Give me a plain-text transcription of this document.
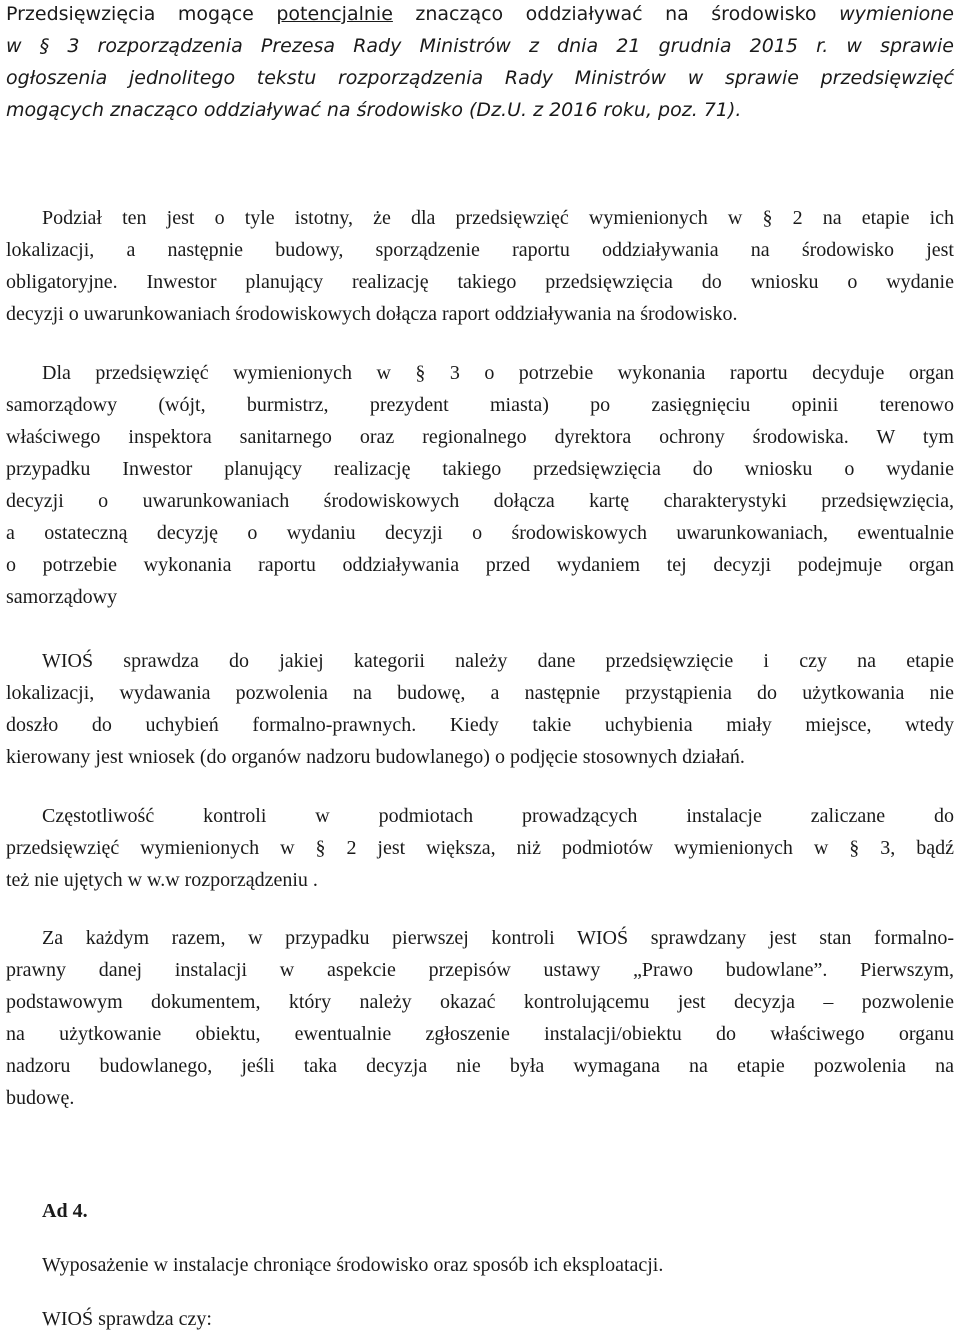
Przedsięwzięcia mogące potencjalnie znacząco oddziaływać na środowisko wymienione
w § 3 rozporządzenia Prezesa Rady Ministrów z dnia 21 grudnia 2015 r. w sprawie
ogłoszenia jednolitego tekstu rozporządzenia Rady Ministrów w sprawie przedsięwzięć
mogących znacząco oddziaływać na środowisko (Dz.U. z 2016 roku, poz. 71).
Podział ten jest o tyle istotny, że dla przedsięwzięć wymienionych w § 2 na etapie ich
lokalizacji, a następnie budowy, sporządzenie raportu oddziaływania na środowisko jest
obligatoryjne. Inwestor planujący realizację takiego przedsięwzięcia do wniosku o wydanie
decyzji o uwarunkowaniach środowiskowych dołącza raport oddziaływania na środowisko.
Dla przedsięwzięć wymienionych w § 3 o potrzebie wykonania raportu decyduje organ
samorządowy (wójt, burmistrz, prezydent miasta) po zasięgnięciu opinii terenowo
właściwego inspektora sanitarnego oraz regionalnego dyrektora ochrony środowiska. W tym
przypadku Inwestor planujący realizację takiego przedsięwzięcia do wniosku o wydanie
decyzji o uwarunkowaniach środowiskowych dołącza kartę charakterystyki przedsięwzięcia,
a ostateczną decyzję o wydaniu decyzji o środowiskowych uwarunkowaniach, ewentualnie
o potrzebie wykonania raportu oddziaływania przed wydaniem tej decyzji podejmuje organ
samorządowy
WIOŚ sprawdza do jakiej kategorii należy dane przedsięwzięcie i czy na etapie
lokalizacji, wydawania pozwolenia na budowę, a następnie przystąpienia do użytkowania nie
doszło do uchybień formalno-prawnych. Kiedy takie uchybienia miały miejsce, wtedy
kierowany jest wniosek (do organów nadzoru budowlanego) o podjęcie stosownych działań.
Częstotliwość kontroli w podmiotach prowadzących instalacje zaliczane do
przedsięwzięć wymienionych w § 2 jest większa, niż podmiotów wymienionych w § 3, bądź
też nie ujętych w w.w rozporządzeniu .
Za każdym razem, w przypadku pierwszej kontroli WIOŚ sprawdzany jest stan formalno-
prawny danej instalacji w aspekcie przepisów ustawy „Prawo budowlane”. Pierwszym,
podstawowym dokumentem, który należy okazać kontrolującemu jest decyzja – pozwolenie
na użytkowanie obiektu, ewentualnie zgłoszenie instalacji/obiektu do właściwego organu
nadzoru budowlanego, jeśli taka decyzja nie była wymagana na etapie pozwolenia na
budowę.
Ad 4.
Wyposażenie w instalacje chroniące środowisko oraz sposób ich eksploatacji.
WIOŚ sprawdza czy:
